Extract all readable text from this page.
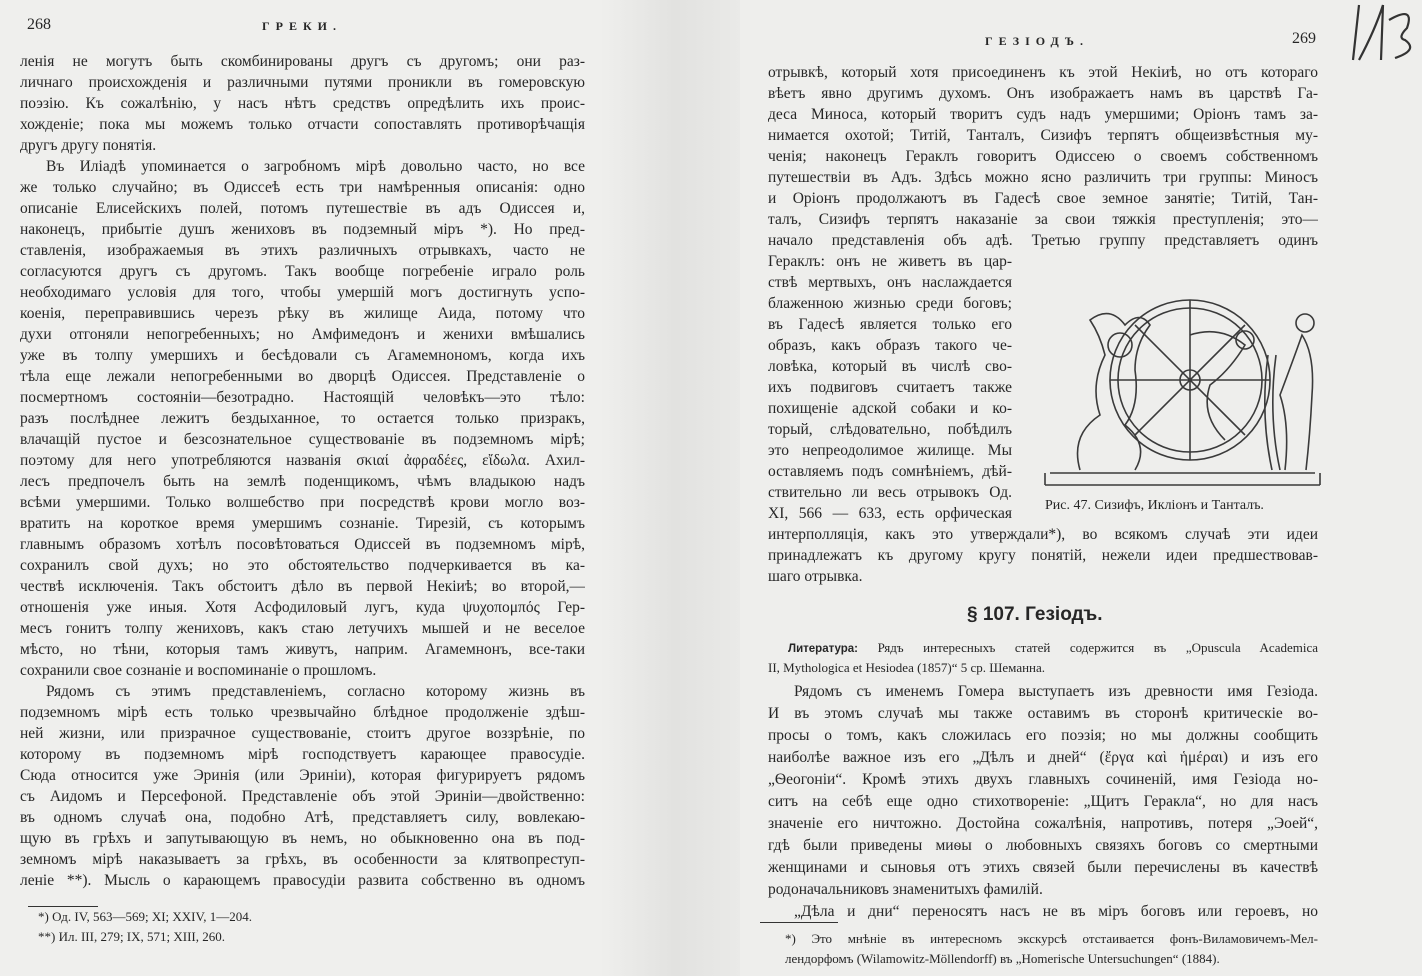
268	ГРЕКИ.
ленія не могутъ быть скомбинированы другъ съ другомъ; они раз-
личнаго происхожденія и различными путями проникли въ гомеровскую
поэзію. Къ сожалѣнію, у насъ нѣтъ средствъ опредѣлить ихъ проис-
хожденіе; пока мы можемъ только отчасти сопоставлять противорѣчащія
другъ другу понятія.
Въ Иліадѣ упоминается о загробномъ мірѣ довольно часто, но все
же только случайно; въ Одиссеѣ есть три намѣренныя описанія: одно
описаніе Елисейскихъ полей, потомъ путешествіе въ адъ Одиссея и,
наконецъ, прибытіе душъ жениховъ въ подземный міръ *). Но пред-
ставленія, изображаемыя въ этихъ различныхъ отрывкахъ, часто не
согласуются другъ съ другомъ. Такъ вообще погребеніе играло роль
необходимаго условія для того, чтобы умершій могъ достигнуть успо-
коенія, переправившись черезъ рѣку въ жилище Аида, потому что
духи отгоняли непогребенныхъ; но Амфимедонъ и женихи вмѣшались
уже въ толпу умершихъ и бесѣдовали съ Агамемнономъ, когда ихъ
тѣла еще лежали непогребенными во дворцѣ Одиссея. Представленіе о
посмертномъ состояніи—безотрадно. Настоящій человѣкъ—это тѣло:
разъ послѣднее лежитъ бездыханное, то остается только призракъ,
влачащій пустое и безсознательное существованіе въ подземномъ мірѣ;
поэтому для него употребляются названія σκιαί ἀφραδέες, εἴδωλα. Ахил-
лесъ предпочелъ быть на землѣ поденщикомъ, чѣмъ владыкою надъ
всѣми умершими. Только волшебство при посредствѣ крови могло воз-
вратить на короткое время умершимъ сознаніе. Тирезій, съ которымъ
главнымъ образомъ хотѣлъ посовѣтоваться Одиссей въ подземномъ мірѣ,
сохранилъ свой духъ; но это обстоятельство подчеркивается въ ка-
чествѣ исключенія. Такъ обстоитъ дѣло въ первой Некіиѣ; во второй,—
отношенія уже иныя. Хотя Асфодиловый лугъ, куда ψυχοπομπός Гер-
месъ гонитъ толпу жениховъ, какъ стаю летучихъ мышей и не веселое
мѣсто, но тѣни, которыя тамъ живутъ, наприм. Агамемнонъ, все-таки
сохранили свое сознаніе и воспоминаніе о прошломъ.
Рядомъ съ этимъ представленіемъ, согласно которому жизнь въ
подземномъ мірѣ есть только чрезвычайно блѣдное продолженіе здѣш-
ней жизни, или призрачное существованіе, стоитъ другое воззрѣніе, по
которому въ подземномъ мірѣ господствуетъ карающее правосудіе.
Сюда относится уже Эринія (или Эриніи), которая фигурируетъ рядомъ
съ Аидомъ и Персефоной. Представленіе объ этой Эриніи—двойственно:
въ одномъ случаѣ она, подобно Атѣ, представляетъ силу, вовлекаю-
щую въ грѣхъ и запутывающую въ немъ, но обыкновенно она въ под-
земномъ мірѣ наказываетъ за грѣхъ, въ особенности за клятвопреступ-
леніе **). Мысль о карающемъ правосудіи развита собственно въ одномъ
*) Од. IV, 563—569; XI; XXIV, 1—204.
**) Ил. III, 279; IX, 571; XIII, 260.
ГЕЗІОДЪ.	269
отрывкѣ, который хотя присоединенъ къ этой Некіиѣ, но отъ котораго
вѣетъ явно другимъ духомъ. Онъ изображаетъ намъ въ царствѣ Га-
деса Миноса, который творитъ судъ надъ умершими; Оріонъ тамъ за-
нимается охотой; Титій, Танталъ, Сизифъ терпятъ общеизвѣстныя му-
ченія; наконецъ Гераклъ говоритъ Одиссею о своемъ собственномъ
путешествіи въ Адъ. Здѣсь можно ясно различить три группы: Миносъ
и Оріонъ продолжаютъ въ Гадесѣ свое земное занятіе; Титій, Тан-
талъ, Сизифъ терпятъ наказаніе за свои тяжкія преступленія; это—
начало представленія объ адѣ. Третью группу представляетъ одинъ
Гераклъ: онъ не живетъ въ цар-
ствѣ мертвыхъ, онъ наслаждается
блаженною жизнью среди боговъ;
въ Гадесѣ является только его
образъ, какъ образъ такого че-
ловѣка, который въ числѣ сво-
ихъ подвиговъ считаетъ также
похищеніе адской собаки и ко-
торый, слѣдовательно, побѣдилъ
это непреодолимое жилище. Мы
оставляемъ подъ сомнѣніемъ, дѣй-
ствительно ли весь отрывокъ Од.
XI, 566 — 633, есть орфическая
интерполляція, какъ это утверждали*), во всякомъ случаѣ эти идеи
принадлежатъ къ другому кругу понятій, нежели идеи предшествовав-
шаго отрывка.
Рис. 47. Сизифъ, Икліонъ и Танталъ.
§ 107. Гезіодъ.
Литература: Рядъ интересныхъ статей содержится въ „Opuscula Academica
II, Mythologica et Hesiodea (1857)“ 5 ср. Шеманна.
Рядомъ съ именемъ Гомера выступаетъ изъ древности имя Гезіода.
И въ этомъ случаѣ мы также оставимъ въ сторонѣ критическіе во-
просы о томъ, какъ сложилась его поэзія; но мы должны сообщить
наиболѣе важное изъ его „Дѣлъ и дней“ (ἔργα καὶ ἡμέραι) и изъ его
„Ѳеогоніи“. Кромѣ этихъ двухъ главныхъ сочиненій, имя Гезіода но-
ситъ на себѣ еще одно стихотвореніе: „Щитъ Геракла“, но для насъ
значеніе его ничтожно. Достойна сожалѣнія, напротивъ, потеря „Эоей“,
гдѣ были приведены миѳы о любовныхъ связяхъ боговъ со смертными
женщинами и сыновья отъ этихъ связей были перечислены въ качествѣ
родоначальниковъ знаменитыхъ фамилій.
„Дѣла и дни“ переносятъ насъ не въ міръ боговъ или героевъ, но
*) Это мнѣніе въ интересномъ экскурсѣ отстаивается фонъ-Виламовичемъ-Мел-
лендорфомъ (Wilamowitz-Möllendorff) въ „Homerische Untersuchungen“ (1884).
